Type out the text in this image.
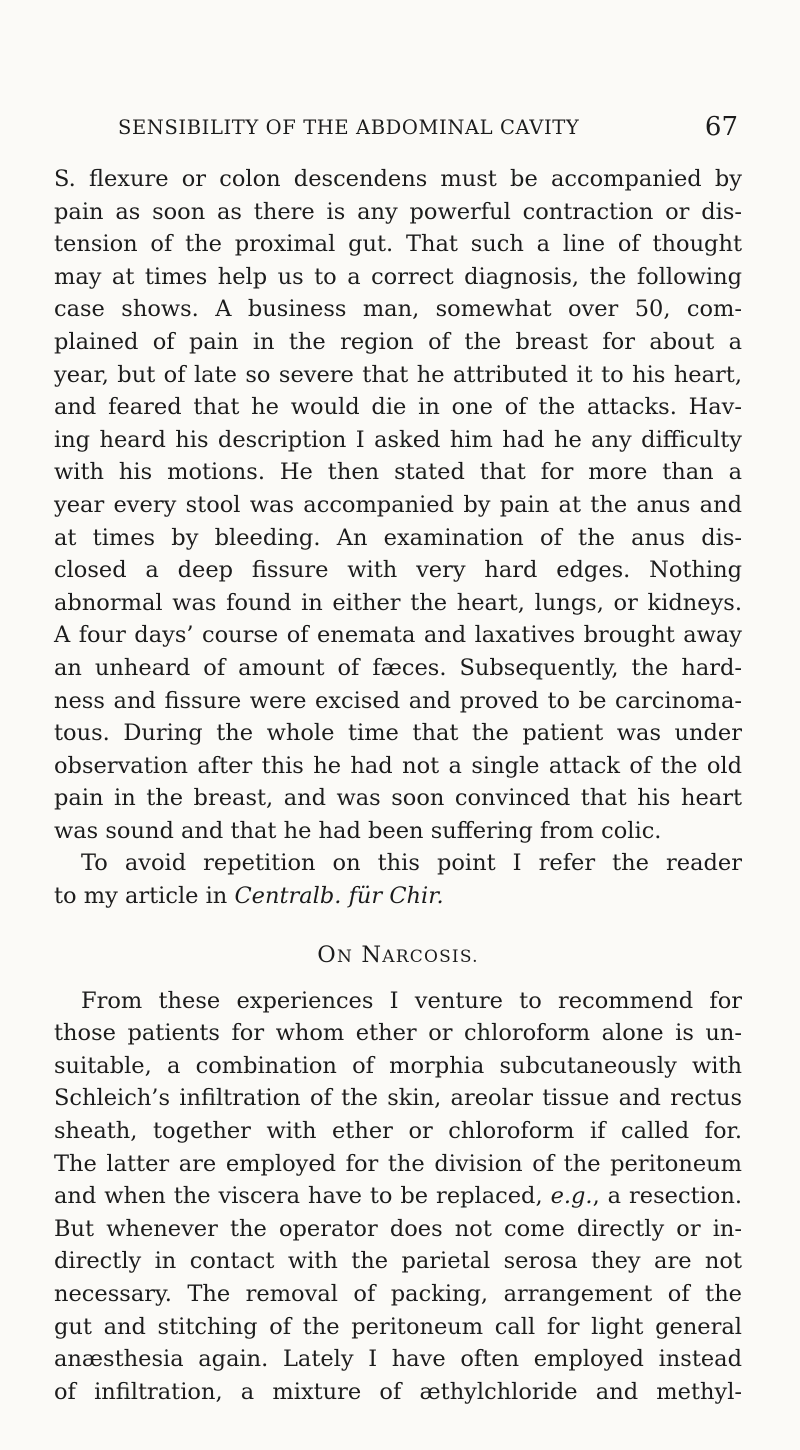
SENSIBILITY OF THE ABDOMINAL CAVITY	67
S. flexure or colon descendens must be accompanied by
pain as soon as there is any powerful contraction or dis-
tension of the proximal gut. That such a line of thought
may at times help us to a correct diagnosis, the following
case shows. A business man, somewhat over 50, com-
plained of pain in the region of the breast for about a
year, but of late so severe that he attributed it to his heart,
and feared that he would die in one of the attacks. Hav-
ing heard his description I asked him had he any difficulty
with his motions. He then stated that for more than a
year every stool was accompanied by pain at the anus and
at times by bleeding. An examination of the anus dis-
closed a deep fissure with very hard edges. Nothing
abnormal was found in either the heart, lungs, or kidneys.
A four days’ course of enemata and laxatives brought away
an unheard of amount of fæces. Subsequently, the hard-
ness and fissure were excised and proved to be carcinoma-
tous. During the whole time that the patient was under
observation after this he had not a single attack of the old
pain in the breast, and was soon convinced that his heart
was sound and that he had been suffering from colic.
To avoid repetition on this point I refer the reader
to my article in Centralb. für Chir.
ON NARCOSIS.
From these experiences I venture to recommend for
those patients for whom ether or chloroform alone is un-
suitable, a combination of morphia subcutaneously with
Schleich’s infiltration of the skin, areolar tissue and rectus
sheath, together with ether or chloroform if called for.
The latter are employed for the division of the peritoneum
and when the viscera have to be replaced, e.g., a resection.
But whenever the operator does not come directly or in-
directly in contact with the parietal serosa they are not
necessary. The removal of packing, arrangement of the
gut and stitching of the peritoneum call for light general
anæsthesia again. Lately I have often employed instead
of infiltration, a mixture of æthylchloride and methyl-
